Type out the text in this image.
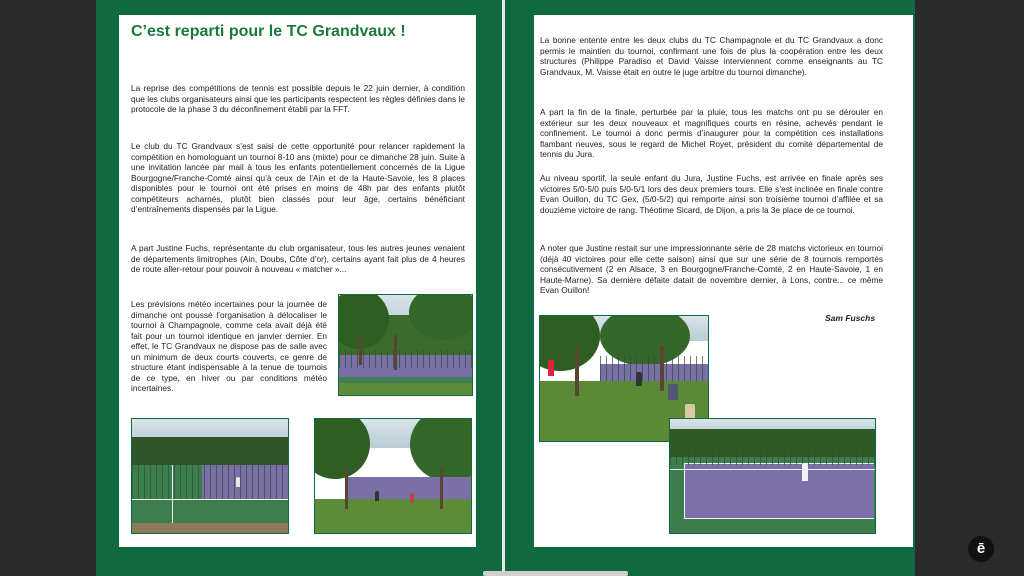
C’est reparti pour le TC Grandvaux !

La reprise des compétitions de tennis est possible depuis le 22 juin dernier, à condition que les clubs organisateurs ainsi que les participants respectent les règles définies dans le protocole de la phase 3 du déconfinement établi par la FFT.

Le club du TC Grandvaux s’est saisi de cette opportunité pour relancer rapidement la compétition en homologuant un tournoi 8-10 ans (mixte) pour ce dimanche 28 juin. Suite à une invitation lancée par mail à tous les enfants potentiellement concernés de la Ligue Bourgogne/Franche-Comté ainsi qu’à ceux de l’Ain et de la Haute-Savoie, les 8 places disponibles pour le tournoi ont été prises en moins de 48h par des enfants plutôt compétiteurs acharnés, plutôt bien classés pour leur âge, certains bénéficiant d’entraînements dispensés par la Ligue.

A part Justine Fuchs, représentante du club organisateur, tous les autres jeunes venaient de départements limitrophes (Ain, Doubs, Côte d’or), certains ayant fait plus de 4 heures de route aller-retour pour pouvoir à nouveau « matcher »...

Les prévisions météo incertaines pour la journée de dimanche ont poussé l’organisation à délocaliser le tournoi à Champagnole, comme cela avait déjà été fait pour un tournoi identique en janvier dernier. En effet, le TC Grandvaux ne dispose pas de salle avec un minimum de deux courts couverts, ce genre de structure étant indispensable à la tenue de tournois de ce type, en hiver ou par conditions météo incertaines.

La bonne entente entre les deux clubs du TC Champagnole et du TC Grandvaux a donc permis le maintien du tournoi, confirmant une fois de plus la coopération entre les deux structures (Philippe Paradiso et David Vaisse interviennent comme enseignants au TC Grandvaux, M. Vaisse était en outre le juge arbitre du tournoi dimanche).

A part la fin de la finale, perturbée par la pluie, tous les matchs ont pu se dérouler en extérieur sur les deux nouveaux et magnifiques courts en résine, achevés pendant le confinement. Le tournoi a donc permis d’inaugurer pour la compétition ces installations flambant neuves, sous le regard de Michel Royet, président du comité départemental de tennis du Jura.

Au niveau sportif, la seule enfant du Jura, Justine Fuchs, est arrivée en finale après ses victoires 5/0-5/0 puis 5/0-5/1 lors des deux premiers tours. Elle s’est inclinée en finale contre Evan Ouillon, du TC Gex, (5/0-5/2) qui remporte ainsi son troisième tournoi d’affilée et sa douzième victoire de rang. Théotime Sicard, de Dijon, a pris la 3e place de ce tournoi.

A noter que Justine restait sur une impressionnante série de 28 matchs victorieux en tournoi (déjà 40 victoires pour elle cette saison) ainsi que sur une série de 8 tournois remportés consécutivement (2 en Alsace, 3 en Bourgogne/Franche-Comté, 2 en Haute-Savoie, 1 en Haute-Marne). Sa dernière défaite datait de novembre dernier, à Lons, contre... ce même Evan Ouillon!

Sam Fuschs
ē
